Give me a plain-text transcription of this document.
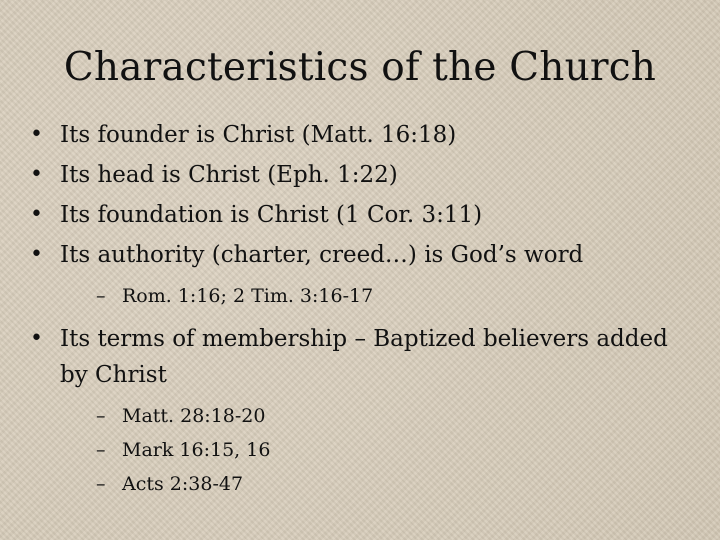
Characteristics of the Church
• Its founder is Christ (Matt. 16:18)
• Its head is Christ (Eph. 1:22)
• Its foundation is Christ (1 Cor. 3:11)
• Its authority (charter, creed…) is God’s word
– Rom. 1:16; 2 Tim. 3:16-17
• Its terms of membership – Baptized believers added by Christ
– Matt. 28:18-20
– Mark 16:15, 16
– Acts 2:38-47
